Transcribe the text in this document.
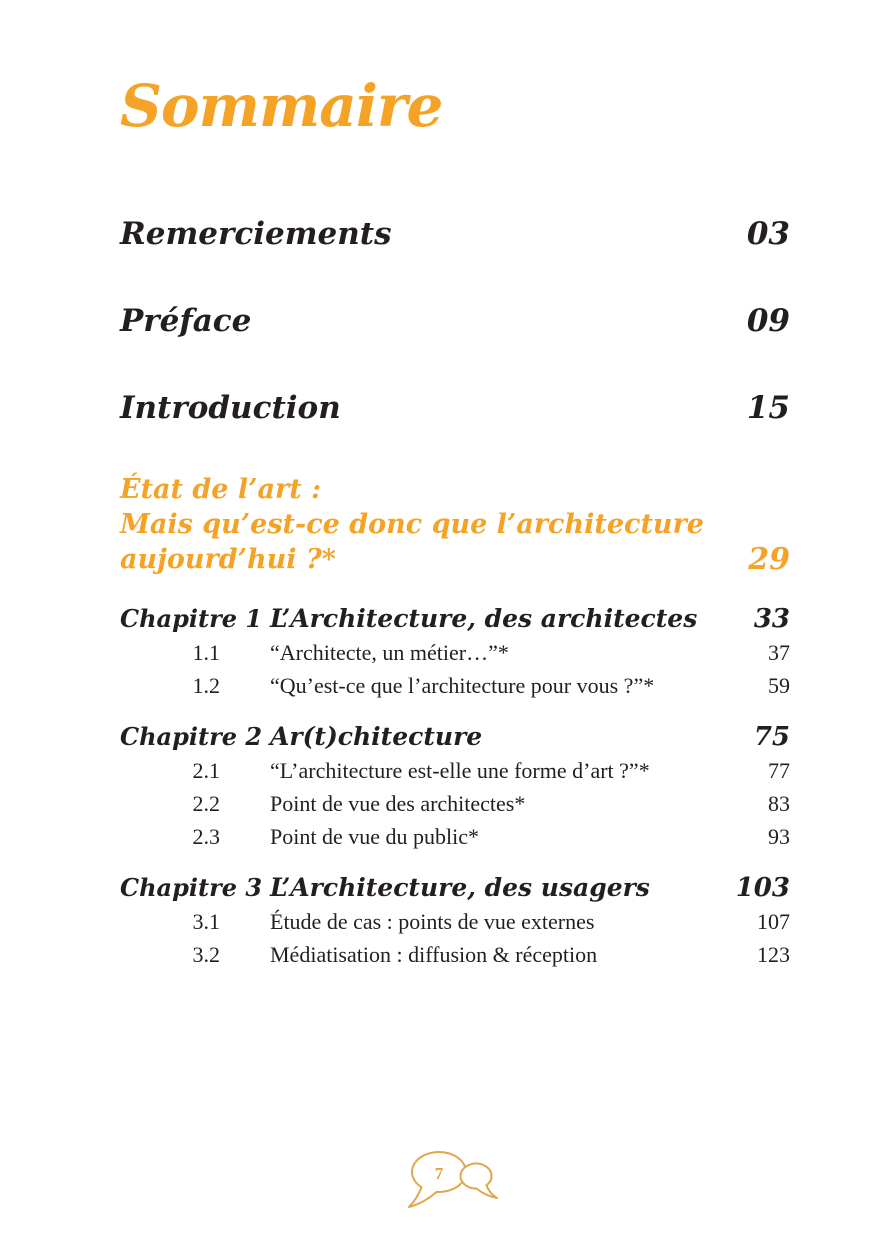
Sommaire
Remerciements	03
Préface	09
Introduction	15
État de l’art :
Mais qu’est-ce donc que l’architecture aujourd’hui ?*	29
Chapitre 1 L’Architecture, des architectes 33
1.1 “Architecte, un métier…”*	37
1.2 “Qu’est-ce que l’architecture pour vous ?”*	59
Chapitre 2 Ar(t)chitecture	75
2.1 “L’architecture est-elle une forme d’art ?”*	77
2.2 Point de vue des architectes*	83
2.3 Point de vue du public*	93
Chapitre 3 L’Architecture, des usagers	103
3.1 Étude de cas : points de vue externes	107
3.2 Médiatisation : diffusion & réception	123
7
